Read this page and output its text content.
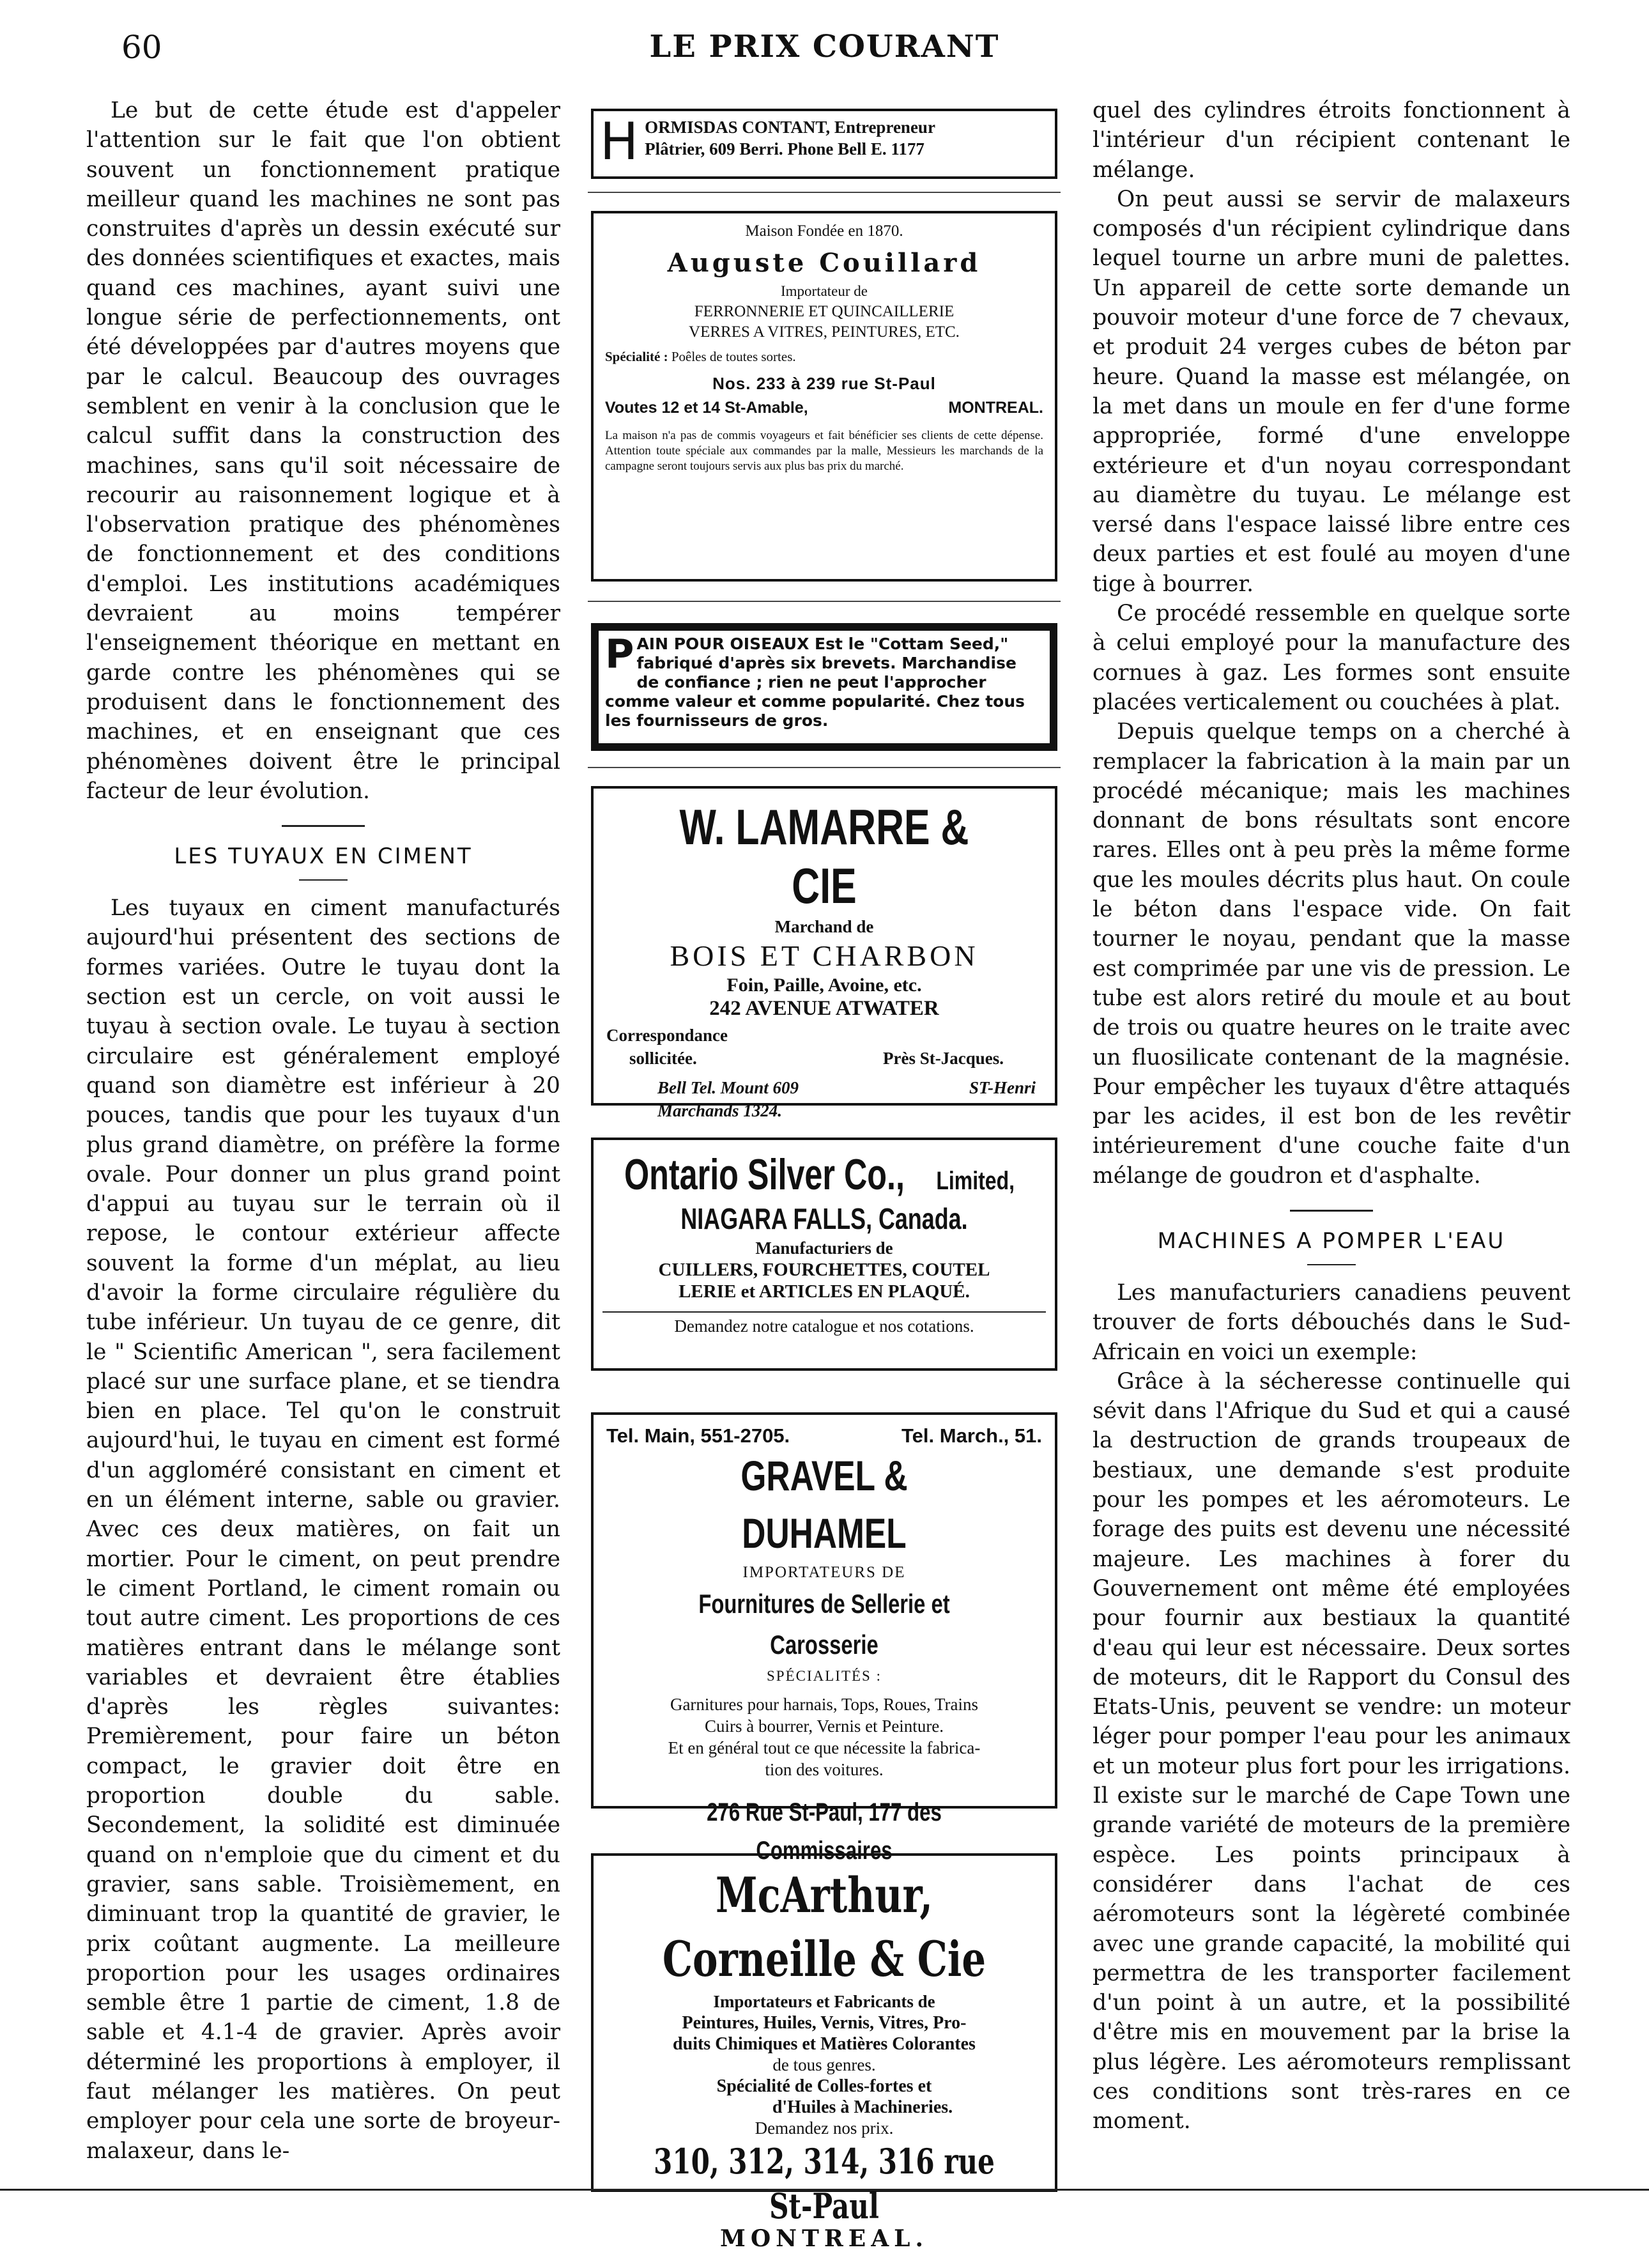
60	LE PRIX COURANT

Le but de cette étude est d'appeler l'attention sur le fait que l'on obtient souvent un fonctionnement pratique meilleur quand les machines ne sont pas construites d'après un dessin exécuté sur des données scientifiques et exactes, mais quand ces machines, ayant suivi une longue série de perfectionnements, ont été développées par d'autres moyens que par le calcul. Beaucoup des ouvrages semblent en venir à la conclusion que le calcul suffit dans la construction des machines, sans qu'il soit nécessaire de recourir au raisonnement logique et à l'observation pratique des phénomènes de fonctionnement et des conditions d'emploi. Les institutions académiques devraient au moins tempérer l'enseignement théorique en mettant en garde contre les phénomènes qui se produisent dans le fonctionnement des machines, et en enseignant que ces phénomènes doivent être le principal facteur de leur évolution.

LES TUYAUX EN CIMENT

Les tuyaux en ciment manufacturés aujourd'hui présentent des sections de formes variées. Outre le tuyau dont la section est un cercle, on voit aussi le tuyau à section ovale. Le tuyau à section circulaire est généralement employé quand son diamètre est inférieur à 20 pouces, tandis que pour les tuyaux d'un plus grand diamètre, on préfère la forme ovale. Pour donner un plus grand point d'appui au tuyau sur le terrain où il repose, le contour extérieur affecte souvent la forme d'un méplat, au lieu d'avoir la forme circulaire régulière du tube inférieur. Un tuyau de ce genre, dit le " Scientific American ", sera facilement placé sur une surface plane, et se tiendra bien en place. Tel qu'on le construit aujourd'hui, le tuyau en ciment est formé d'un aggloméré consistant en ciment et en un élément interne, sable ou gravier. Avec ces deux matières, on fait un mortier. Pour le ciment, on peut prendre le ciment Portland, le ciment romain ou tout autre ciment. Les proportions de ces matières entrant dans le mélange sont variables et devraient être établies d'après les règles suivantes: Premièrement, pour faire un béton compact, le gravier doit être en proportion double du sable. Secondement, la solidité est diminuée quand on n'emploie que du ciment et du gravier, sans sable. Troisièmement, en diminuant trop la quantité de gravier, le prix coûtant augmente. La meilleure proportion pour les usages ordinaires semble être 1 partie de ciment, 1.8 de sable et 4.1-4 de gravier. Après avoir déterminé les proportions à employer, il faut mélanger les matières. On peut employer pour cela une sorte de broyeur-malaxeur, dans le-

quel des cylindres étroits fonctionnent à l'intérieur d'un récipient contenant le mélange.

On peut aussi se servir de malaxeurs composés d'un récipient cylindrique dans lequel tourne un arbre muni de palettes. Un appareil de cette sorte demande un pouvoir moteur d'une force de 7 chevaux, et produit 24 verges cubes de béton par heure. Quand la masse est mélangée, on la met dans un moule en fer d'une forme appropriée, formé d'une enveloppe extérieure et d'un noyau correspondant au diamètre du tuyau. Le mélange est versé dans l'espace laissé libre entre ces deux parties et est foulé au moyen d'une tige à bourrer.

Ce procédé ressemble en quelque sorte à celui employé pour la manufacture des cornues à gaz. Les formes sont ensuite placées verticalement ou couchées à plat.

Depuis quelque temps on a cherché à remplacer la fabrication à la main par un procédé mécanique; mais les machines donnant de bons résultats sont encore rares. Elles ont à peu près la même forme que les moules décrits plus haut. On coule le béton dans l'espace vide. On fait tourner le noyau, pendant que la masse est comprimée par une vis de pression. Le tube est alors retiré du moule et au bout de trois ou quatre heures on le traite avec un fluosilicate contenant de la magnésie. Pour empêcher les tuyaux d'être attaqués par les acides, il est bon de les revêtir intérieurement d'une couche faite d'un mélange de goudron et d'asphalte.

MACHINES A POMPER L'EAU

Les manufacturiers canadiens peuvent trouver de forts débouchés dans le Sud-Africain en voici un exemple:

Grâce à la sécheresse continuelle qui sévit dans l'Afrique du Sud et qui a causé la destruction de grands troupeaux de bestiaux, une demande s'est produite pour les pompes et les aéromoteurs. Le forage des puits est devenu une nécessité majeure. Les machines à forer du Gouvernement ont même été employées pour fournir aux bestiaux la quantité d'eau qui leur est nécessaire. Deux sortes de moteurs, dit le Rapport du Consul des Etats-Unis, peuvent se vendre: un moteur léger pour pomper l'eau pour les animaux et un moteur plus fort pour les irrigations. Il existe sur le marché de Cape Town une grande variété de moteurs de la première espèce. Les points principaux à considérer dans l'achat de ces aéromoteurs sont la légèreté combinée avec une grande capacité, la mobilité qui permettra de les transporter facilement d'un point à un autre, et la possibilité d'être mis en mouvement par la brise la plus légère. Les aéromoteurs remplissant ces conditions sont très-rares en ce moment.

H ORMISDAS CONTANT, Entrepreneur
Plâtrier, 609 Berri. Phone Bell E. 1177
Maison Fondée en 1870.
Auguste Couillard
Importateur de
FERRONNERIE ET QUINCAILLERIE
VERRES A VITRES, PEINTURES, ETC.
Spécialité : Poêles de toutes sortes.
Nos. 233 à 239 rue St-Paul
Voutes 12 et 14 St-Amable,	MONTREAL.
La maison n'a pas de commis voyageurs et fait bénéficier ses clients de cette dépense. Attention toute spéciale aux commandes par la malle, Messieurs les marchands de la campagne seront toujours servis aux plus bas prix du marché.
P AIN POUR OISEAUX Est le "Cottam Seed," fabriqué d'après six brevets. Marchandise de confiance ; rien ne peut l'approcher comme valeur et comme popularité. Chez tous les fournisseurs de gros.
W. LAMARRE & CIE
Marchand de
BOIS ET CHARBON
Foin, Paille, Avoine, etc.
242 AVENUE ATWATER
Correspondance
sollicitée.	Près St-Jacques.
Bell Tel. Mount 609	ST-Henri
Marchands 1324.
Ontario Silver Co., Limited,
NIAGARA FALLS, Canada.
Manufacturiers de
CUILLERS, FOURCHETTES, COUTEL
LERIE et ARTICLES EN PLAQUÉ.
Demandez notre catalogue et nos cotations.
Tel. Main, 551-2705.	Tel. March., 51.
GRAVEL & DUHAMEL
IMPORTATEURS DE
Fournitures de Sellerie et Carosserie
SPÉCIALITÉS :
Garnitures pour harnais, Tops, Roues, Trains
Cuirs à bourrer, Vernis et Peinture.
Et en général tout ce que nécessite la fabrica-
tion des voitures.
276 Rue St-Paul, 177 des Commissaires
McArthur, Corneille & Cie
Importateurs et Fabricants de
Peintures, Huiles, Vernis, Vitres, Pro-
duits Chimiques et Matières Colorantes
de tous genres.
Spécialité de Colles-fortes et
d'Huiles à Machineries.
Demandez nos prix.
310, 312, 314, 316 rue St-Paul
MONTREAL.
